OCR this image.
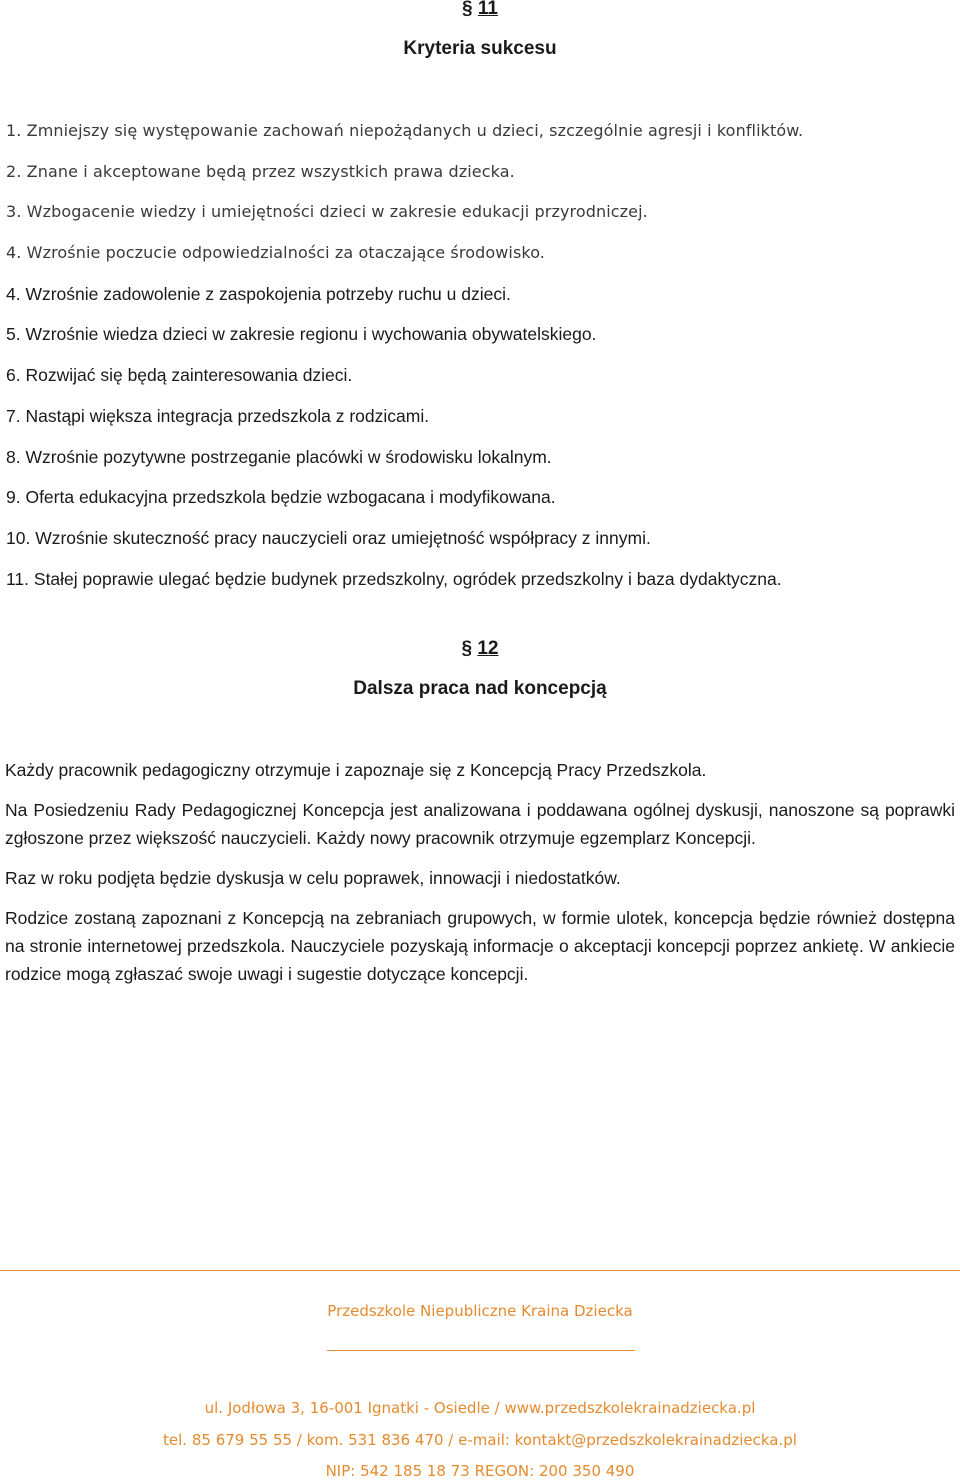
§ 11
Kryteria sukcesu
1. Zmniejszy się występowanie zachowań niepożądanych u dzieci, szczególnie agresji i konfliktów.
2. Znane i akceptowane będą przez wszystkich prawa dziecka.
3. Wzbogacenie wiedzy i umiejętności dzieci w zakresie edukacji przyrodniczej.
4. Wzrośnie poczucie odpowiedzialności za otaczające środowisko.
4. Wzrośnie zadowolenie z zaspokojenia potrzeby ruchu u dzieci.
5. Wzrośnie wiedza dzieci w zakresie regionu i wychowania obywatelskiego.
6. Rozwijać się będą zainteresowania dzieci.
7. Nastąpi większa integracja przedszkola z rodzicami.
8. Wzrośnie pozytywne postrzeganie placówki w środowisku lokalnym.
9. Oferta edukacyjna przedszkola będzie wzbogacana i modyfikowana.
10. Wzrośnie skuteczność pracy nauczycieli oraz umiejętność współpracy z innymi.
11. Stałej poprawie ulegać będzie budynek przedszkolny, ogródek przedszkolny i baza dydaktyczna.
§ 12
Dalsza praca nad koncepcją

Każdy pracownik pedagogiczny otrzymuje i zapoznaje się z Koncepcją Pracy Przedszkola.

Na Posiedzeniu Rady Pedagogicznej Koncepcja jest analizowana i poddawana ogólnej dyskusji, nanoszone są poprawki zgłoszone przez większość nauczycieli. Każdy nowy pracownik otrzymuje egzemplarz Koncepcji.

Raz w roku podjęta będzie dyskusja w celu poprawek, innowacji i niedostatków.

Rodzice zostaną zapoznani z Koncepcją na zebraniach grupowych, w formie ulotek, koncepcja będzie również dostępna na stronie internetowej przedszkola. Nauczyciele pozyskają informacje o akceptacji koncepcji poprzez ankietę. W ankiecie rodzice mogą zgłaszać swoje uwagi i sugestie dotyczące koncepcji.

Przedszkole Niepubliczne Kraina Dziecka
ul. Jodłowa 3, 16-001 Ignatki - Osiedle / www.przedszkolekrainadziecka.pl
tel. 85 679 55 55 / kom. 531 836 470 / e-mail: kontakt@przedszkolekrainadziecka.pl
NIP: 542 185 18 73 REGON: 200 350 490
